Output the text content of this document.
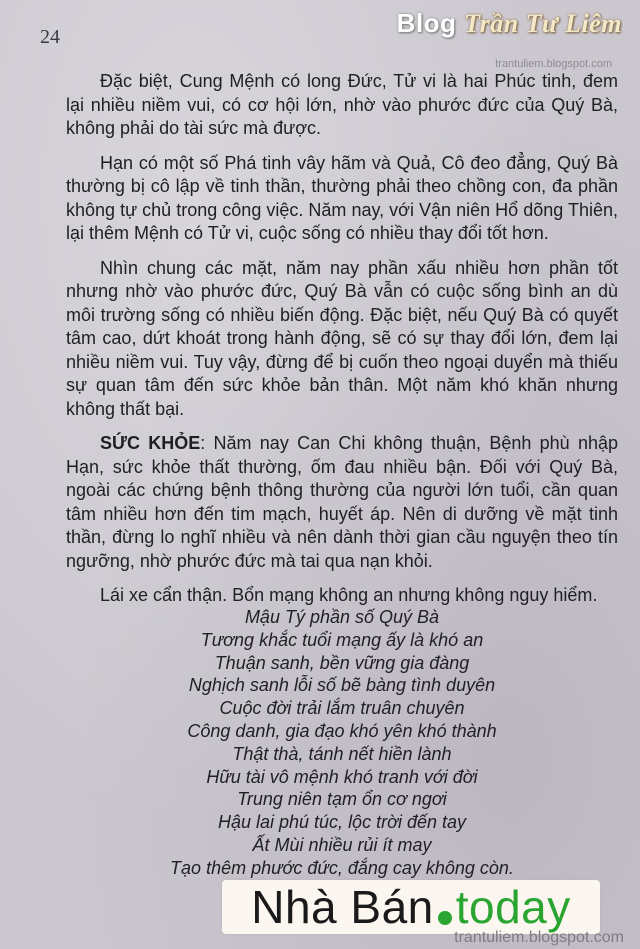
24	Blog Trần Tư Liêm
trantuliem.blogspot.com

Đặc biệt, Cung Mệnh có long Đức, Tử vi là hai Phúc tinh, đem lại nhiều niềm vui, có cơ hội lớn, nhờ vào phước đức của Quý Bà, không phải do tài sức mà được.

Hạn có một số Phá tinh vây hãm và Quả, Cô đeo đẳng, Quý Bà thường bị cô lập về tinh thần, thường phải theo chồng con, đa phần không tự chủ trong công việc. Năm nay, với Vận niên Hổ dõng Thiên, lại thêm Mệnh có Tử vi, cuộc sống có nhiều thay đổi tốt hơn.

Nhìn chung các mặt, năm nay phần xấu nhiều hơn phần tốt nhưng nhờ vào phước đức, Quý Bà vẫn có cuộc sống bình an dù môi trường sống có nhiều biến động. Đặc biệt, nếu Quý Bà có quyết tâm cao, dứt khoát trong hành động, sẽ có sự thay đổi lớn, đem lại nhiều niềm vui. Tuy vậy, đừng để bị cuốn theo ngoại duyển mà thiếu sự quan tâm đến sức khỏe bản thân. Một năm khó khăn nhưng không thất bại.

SỨC KHỎE: Năm nay Can Chi không thuận, Bệnh phù nhập Hạn, sức khỏe thất thường, ốm đau nhiều bận. Đối với Quý Bà, ngoài các chứng bệnh thông thường của người lớn tuổi, cần quan tâm nhiều hơn đến tim mạch, huyết áp. Nên di dưỡng về mặt tinh thần, đừng lo nghĩ nhiều và nên dành thời gian cầu nguyện theo tín ngưỡng, nhờ phước đức mà tai qua nạn khỏi.

Lái xe cẩn thận. Bổn mạng không an nhưng không nguy hiểm.

Mậu Tý phần số Quý Bà
Tương khắc tuổi mạng ấy là khó an
Thuận sanh, bền vững gia đàng
Nghịch sanh lỗi số bẽ bàng tình duyên
Cuộc đời trải lắm truân chuyên
Công danh, gia đạo khó yên khó thành
Thật thà, tánh nết hiền lành
Hữu tài vô mệnh khó tranh với đời
Trung niên tạm ổn cơ ngơi
Hậu lai phú túc, lộc trời đến tay
Ất Mùi nhiều rủi ít may
Tạo thêm phước đức, đắng cay không còn.
Nhà Bán today
trantuliem.blogspot.com
